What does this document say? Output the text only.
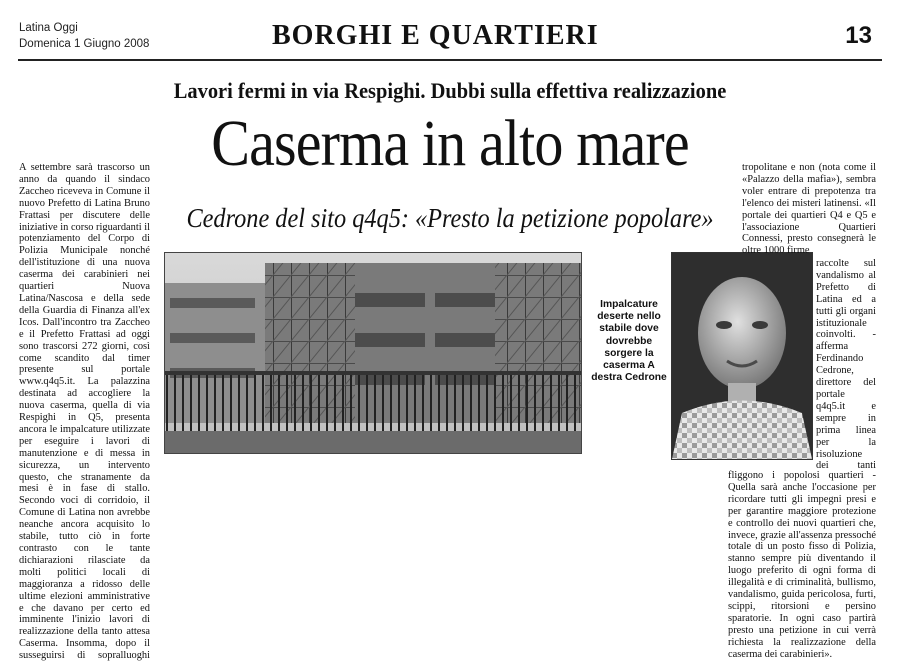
Latina Oggi
Domenica 1 Giugno 2008	BORGHI E QUARTIERI	13
Lavori fermi in via Respighi. Dubbi sulla effettiva realizzazione
Caserma in alto mare
Cedrone del sito q4q5: «Presto la petizione popolare»

A settembre sarà trascorso un anno da quando il sindaco Zaccheo riceveva in Comune il nuovo Prefetto di Latina Bruno Frattasi per discutere delle iniziative in corso riguardanti il potenziamento del Corpo di Polizia Municipale nonché dell'istituzione di una nuova caserma dei carabinieri nei quartieri Nuova Latina/Nascosa e della sede della Guardia di Finanza all'ex Icos. Dall'incontro tra Zaccheo e il Prefetto Frattasi ad oggi sono trascorsi 272 giorni, così come scandito dal timer presente sul portale www.q4q5.it. La palazzina destinata ad accogliere la nuova caserma, quella di via Respighi in Q5, presenta ancora le impalcature utilizzate per eseguire i lavori di manutenzione e di messa in sicurezza, un intervento questo, che stranamente da mesi è in fase di stallo. Secondo voci di corridoio, il Comune di Latina non avrebbe neanche ancora acquisito lo stabile, tutto ciò in forte contrasto con le tante dichiarazioni rilasciate da molti politici locali di maggioranza a ridosso delle ultime elezioni amministrative e che davano per certo ed imminente l'inizio lavori di realizzazione della tanto attesa Caserma. Insomma, dopo il susseguirsi di sopralluoghi

Impalcature deserte nello stabile dove dovrebbe sorgere la caserma A destra Cedrone

tropolitane e non (nota come il «Palazzo della mafia»), sembra voler entrare di prepotenza tra l'elenco dei misteri latinensi. «Il portale dei quartieri Q4 e Q5 e l'associazione Quartieri Connessi, presto consegnerà le oltre 1000 firme

raccolte sul vandalismo al Prefetto di Latina ed a tutti gli organi istituzionale coinvolti. - afferma Ferdinando Cedrone, direttore del portale q4q5.it e sempre in prima linea per la risoluzione dei tanti

fliggono i popolosi quartieri - Quella sarà anche l'occasione per ricordare tutti gli impegni presi e per garantire maggiore protezione e controllo dei nuovi quartieri che, invece, grazie all'assenza pressoché totale di un posto fisso di Polizia, stanno sempre più diventando il luogo preferito di ogni forma di illegalità e di criminalità, bullismo, vandalismo, guida pericolosa, furti, scippi, ritorsioni e persino sparatorie. In ogni caso partirà presto una petizione in cui verrà richiesta la realizzazione della caserma dei carabinieri».
